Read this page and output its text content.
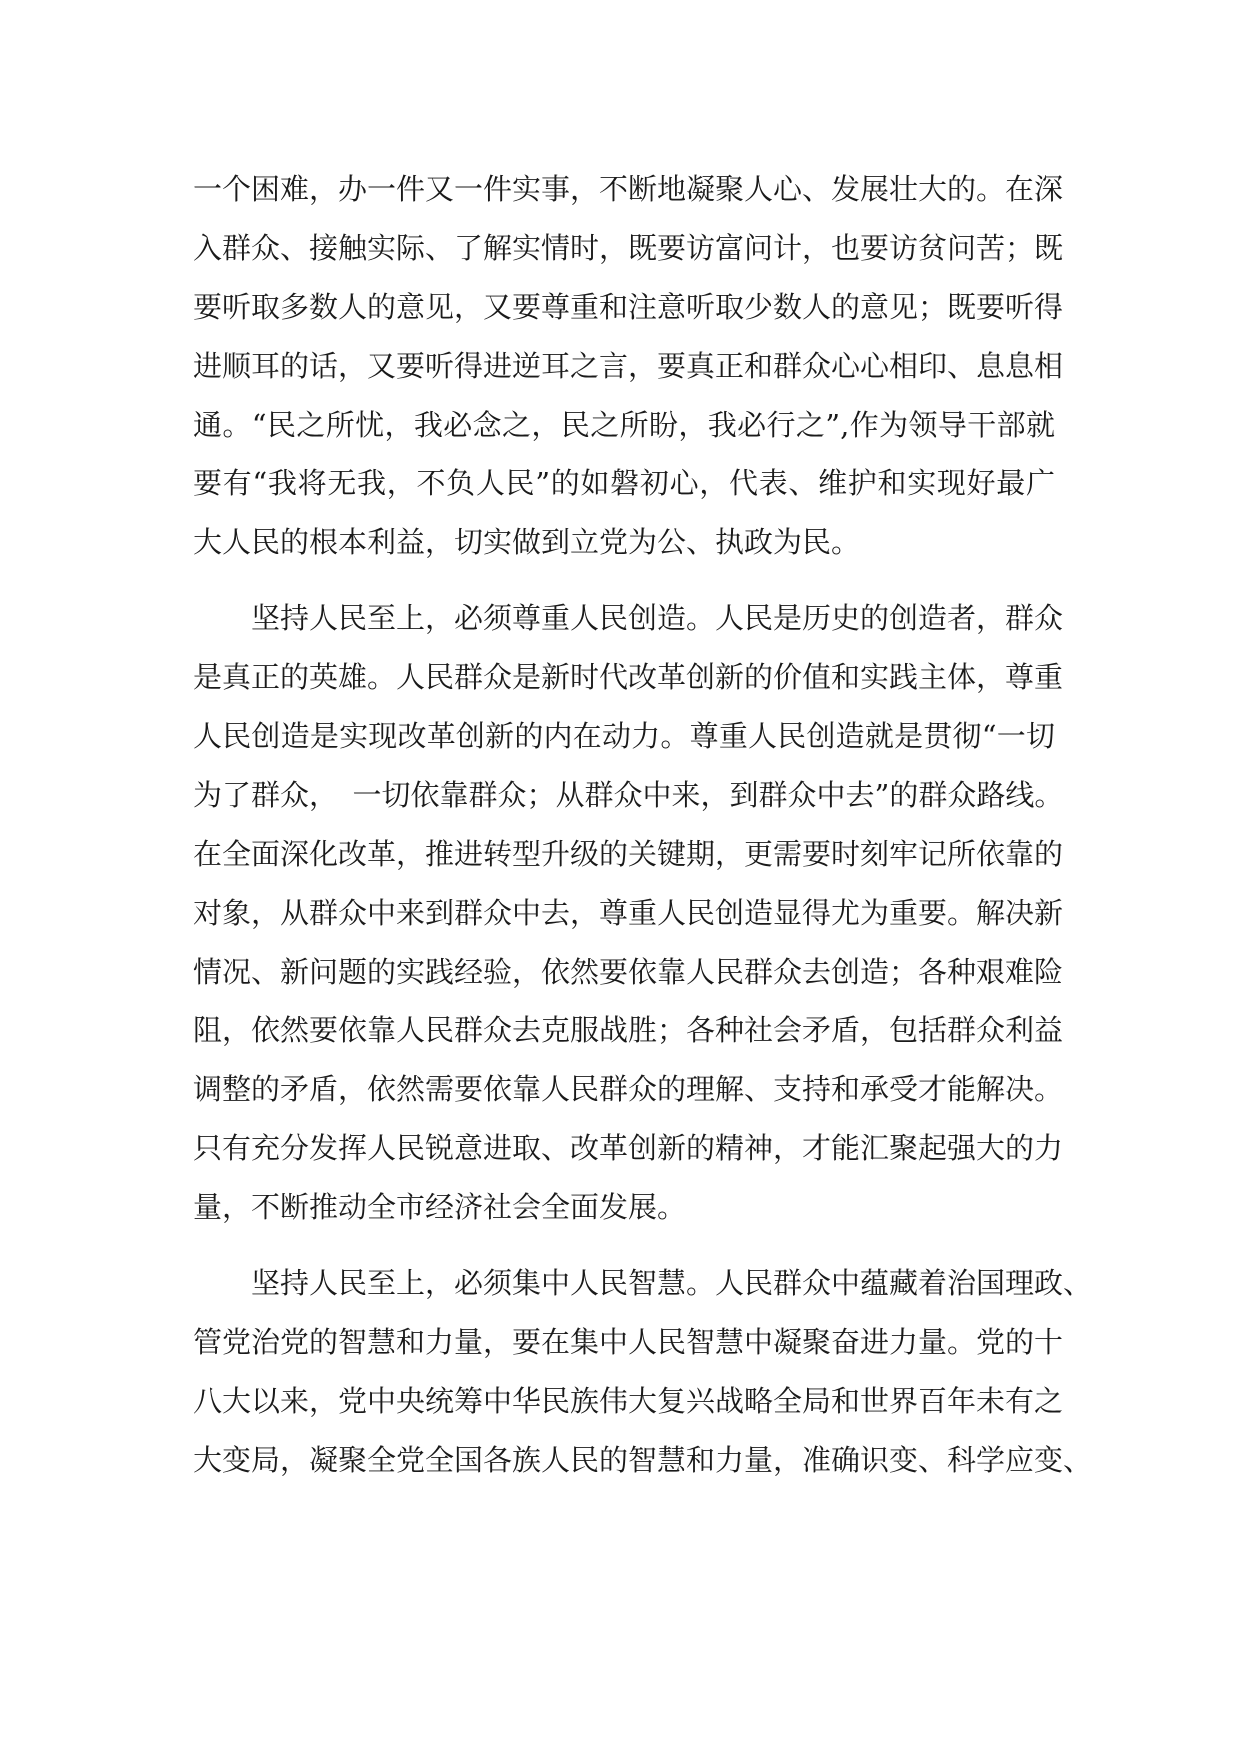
一个困难，办一件又一件实事，不断地凝聚人心、发展壮大的。在深
入群众、接触实际、了解实情时，既要访富问计，也要访贫问苦；既
要听取多数人的意见，又要尊重和注意听取少数人的意见；既要听得
进顺耳的话，又要听得进逆耳之言，要真正和群众心心相印、息息相
通。“民之所忧，我必念之，民之所盼，我必行之”,作为领导干部就
要有“我将无我，不负人民”的如磐初心，代表、维护和实现好最广
大人民的根本利益，切实做到立党为公、执政为民。
坚持人民至上，必须尊重人民创造。人民是历史的创造者，群众
是真正的英雄。人民群众是新时代改革创新的价值和实践主体，尊重
人民创造是实现改革创新的内在动力。尊重人民创造就是贯彻“一切
为了群众，　一切依靠群众；从群众中来，到群众中去”的群众路线。
在全面深化改革，推进转型升级的关键期，更需要时刻牢记所依靠的
对象，从群众中来到群众中去，尊重人民创造显得尤为重要。解决新
情况、新问题的实践经验，依然要依靠人民群众去创造；各种艰难险
阻，依然要依靠人民群众去克服战胜；各种社会矛盾，包括群众利益
调整的矛盾，依然需要依靠人民群众的理解、支持和承受才能解决。
只有充分发挥人民锐意进取、改革创新的精神，才能汇聚起强大的力
量，不断推动全市经济社会全面发展。
坚持人民至上，必须集中人民智慧。人民群众中蕴藏着治国理政、
管党治党的智慧和力量，要在集中人民智慧中凝聚奋进力量。党的十
八大以来，党中央统筹中华民族伟大复兴战略全局和世界百年未有之
大变局，凝聚全党全国各族人民的智慧和力量，准确识变、科学应变、
